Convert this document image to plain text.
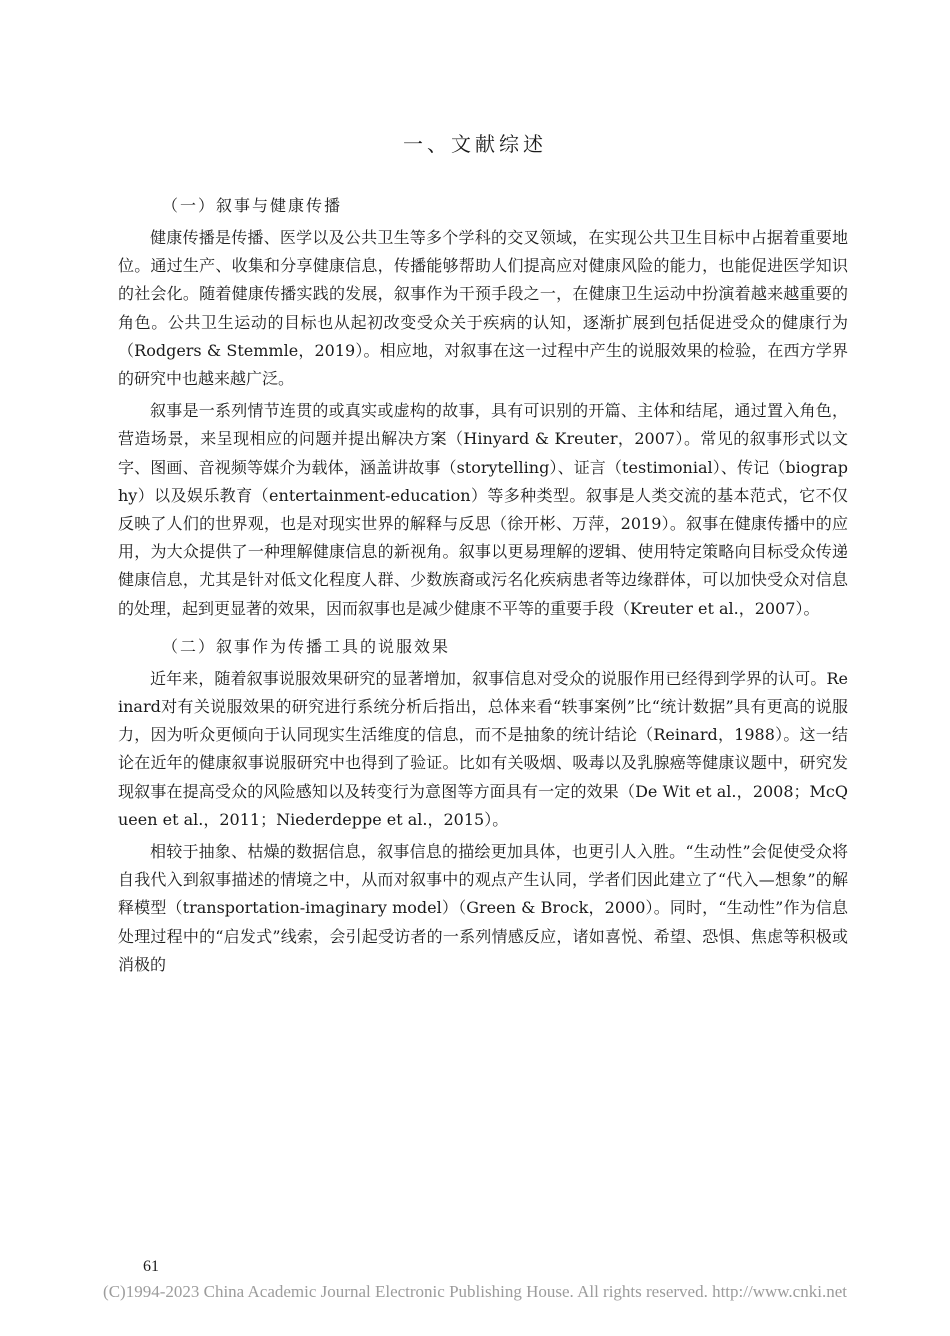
一、文献综述
（一）叙事与健康传播

健康传播是传播、医学以及公共卫生等多个学科的交叉领域，在实现公共卫生目标中占据着重要地位。通过生产、收集和分享健康信息，传播能够帮助人们提高应对健康风险的能力，也能促进医学知识的社会化。随着健康传播实践的发展，叙事作为干预手段之一，在健康卫生运动中扮演着越来越重要的角色。公共卫生运动的目标也从起初改变受众关于疾病的认知，逐渐扩展到包括促进受众的健康行为（Rodgers & Stemmle，2019）。相应地，对叙事在这一过程中产生的说服效果的检验，在西方学界的研究中也越来越广泛。

叙事是一系列情节连贯的或真实或虚构的故事，具有可识别的开篇、主体和结尾，通过置入角色，营造场景，来呈现相应的问题并提出解决方案（Hinyard & Kreuter，2007）。常见的叙事形式以文字、图画、音视频等媒介为载体，涵盖讲故事（storytelling）、证言（testimonial）、传记（biography）以及娱乐教育（entertainment-education）等多种类型。叙事是人类交流的基本范式，它不仅反映了人们的世界观，也是对现实世界的解释与反思（徐开彬、万萍，2019）。叙事在健康传播中的应用，为大众提供了一种理解健康信息的新视角。叙事以更易理解的逻辑、使用特定策略向目标受众传递健康信息，尤其是针对低文化程度人群、少数族裔或污名化疾病患者等边缘群体，可以加快受众对信息的处理，起到更显著的效果，因而叙事也是减少健康不平等的重要手段（Kreuter et al.，2007）。

（二）叙事作为传播工具的说服效果

近年来，随着叙事说服效果研究的显著增加，叙事信息对受众的说服作用已经得到学界的认可。Reinard对有关说服效果的研究进行系统分析后指出，总体来看“轶事案例”比“统计数据”具有更高的说服力，因为听众更倾向于认同现实生活维度的信息，而不是抽象的统计结论（Reinard，1988）。这一结论在近年的健康叙事说服研究中也得到了验证。比如有关吸烟、吸毒以及乳腺癌等健康议题中，研究发现叙事在提高受众的风险感知以及转变行为意图等方面具有一定的效果（De Wit et al.，2008；McQueen et al.，2011；Niederdeppe et al.，2015）。

相较于抽象、枯燥的数据信息，叙事信息的描绘更加具体，也更引人入胜。“生动性”会促使受众将自我代入到叙事描述的情境之中，从而对叙事中的观点产生认同，学者们因此建立了“代入—想象”的解释模型（transportation-imaginary model）（Green & Brock，2000）。同时，“生动性”作为信息处理过程中的“启发式”线索，会引起受访者的一系列情感反应，诸如喜悦、希望、恐惧、焦虑等积极或消极的

61

(C)1994-2023 China Academic Journal Electronic Publishing House. All rights reserved. http://www.cnki.net
